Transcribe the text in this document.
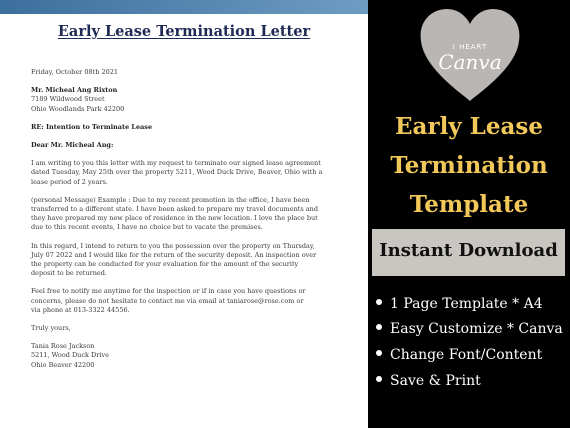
Early Lease Termination Letter

Friday, October 08th 2021

Mr. Micheal Ang Rixton

7189 Wildwood Street

Ohio Woodlands Park 42200

RE: Intention to Terminate Lease

Dear Mr. Micheal Ang:

I am writing to you this letter with my request to terminate our signed lease agreement

dated Tuesday, May 25th over the property 5211, Wood Duck Drive, Beaver, Ohio with a

lease period of 2 years.

(personal Message) Example : Due to my recent promotion in the office, I have been

transferred to a different state. I have been asked to prepare my travel documents and

they have prepared my new place of residence in the new location. I love the place but

due to this recent events, I have no choice but to vacate the premises.

In this regard, I intend to return to you the possession over the property on Thursday,

July 07 2022 and I would like for the return of the security deposit. An inspection over

the property can be conducted for your evaluation for the amount of the security

deposit to be returned.

Feel free to notify me anytime for the inspection or if in case you have questions or

concerns, please do not hesitate to contact me via email at taniarose@rose.com or

via phone at 013-3322 44556.

Truly yours,

Tania Rose Jackson

5211, Wood Duck Drive

Ohio Beaver 42200

I HEART
Canva
Early Lease
Termination
Template
Instant Download
1 Page Template * A4
Easy Customize * Canva
Change Font/Content
Save & Print
